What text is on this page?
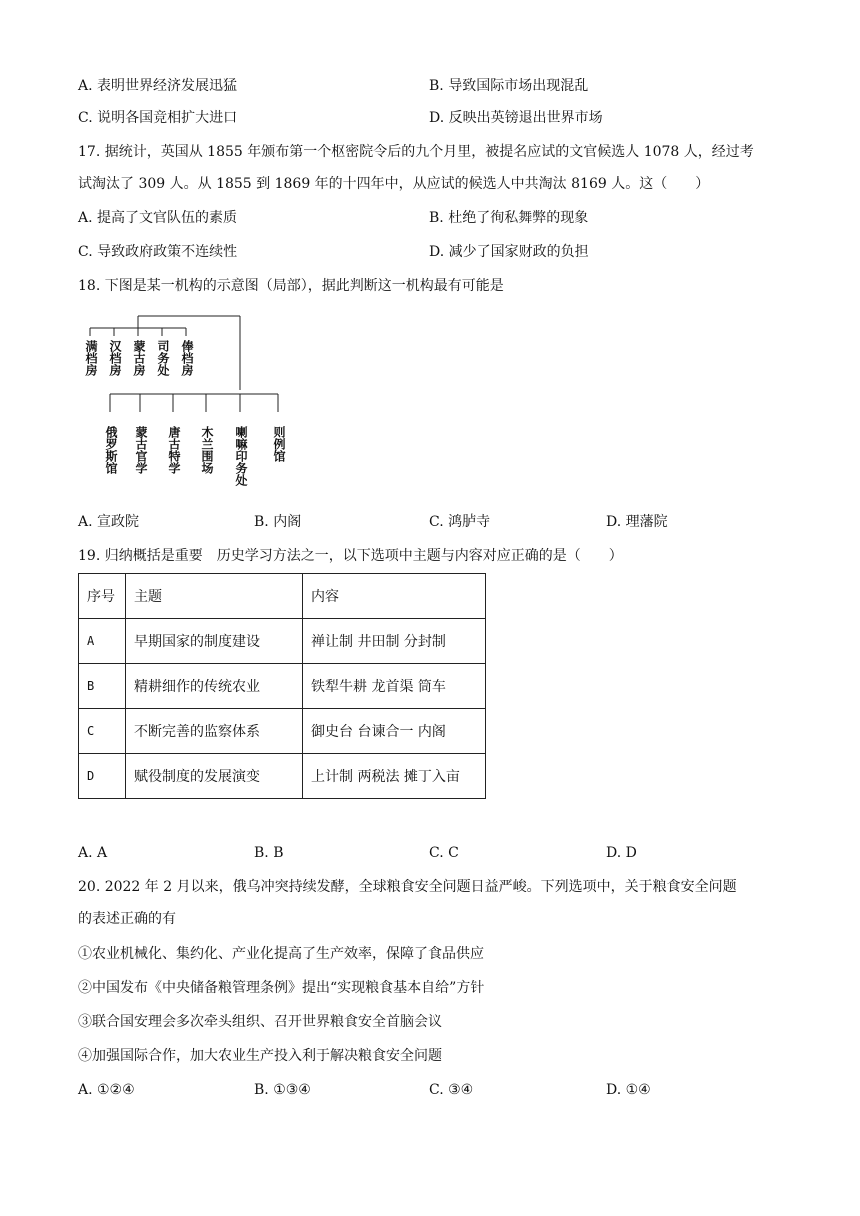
A. 表明世界经济发展迅猛	B. 导致国际市场出现混乱
C. 说明各国竞相扩大进口	D. 反映出英镑退出世界市场
17. 据统计，英国从 1855 年颁布第一个枢密院令后的九个月里，被提名应试的文官候选人 1078 人，经过考
试淘汰了 309 人。从 1855 到 1869 年的十四年中，从应试的候选人中共淘汰 8169 人。这（　　）
A. 提高了文官队伍的素质	B. 杜绝了徇私舞弊的现象
C. 导致政府政策不连续性	D. 减少了国家财政的负担
18. 下图是某一机构的示意图（局部），据此判断这一机构最有可能是
满档房 汉档房 蒙古房 司务处 俸档房
俄罗斯馆 蒙古官学 唐古特学 木兰围场 喇嘛印务处 则例馆
A. 宣政院	B. 内阁	C. 鸿胪寺	D. 理藩院
19. 归纳概括是重要　历史学习方法之一，以下选项中主题与内容对应正确的是（　　）
序号	主题	内容
A	早期国家的制度建设	禅让制 井田制 分封制
B	精耕细作的传统农业	铁犁牛耕 龙首渠 筒车
C	不断完善的监察体系	御史台 台谏合一 内阁
D	赋役制度的发展演变	上计制 两税法 摊丁入亩
A. A	B. B	C. C	D. D
20. 2022 年 2 月以来，俄乌冲突持续发酵，全球粮食安全问题日益严峻。下列选项中，关于粮食安全问题
的表述正确的有
①农业机械化、集约化、产业化提高了生产效率，保障了食品供应
②中国发布《中央储备粮管理条例》提出“实现粮食基本自给”方针
③联合国安理会多次牵头组织、召开世界粮食安全首脑会议
④加强国际合作，加大农业生产投入利于解决粮食安全问题
A. ①②④	B. ①③④	C. ③④	D. ①④
